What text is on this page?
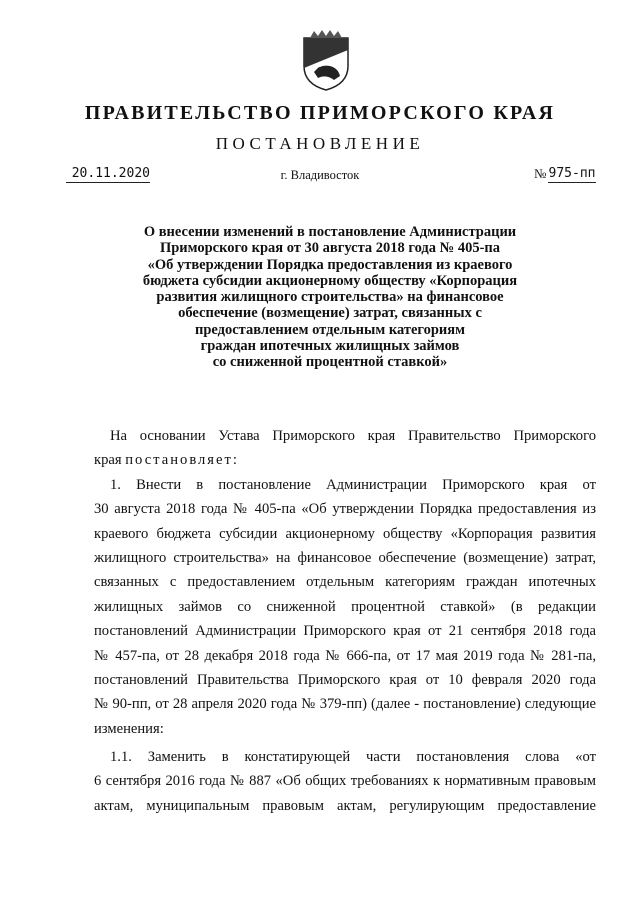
ПРАВИТЕЛЬСТВО ПРИМОРСКОГО КРАЯ
ПОСТАНОВЛЕНИЕ
20.11.2020	г. Владивосток	№ 975-пп
О внесении изменений в постановление Администрации
Приморского края от 30 августа 2018 года № 405-па
«Об утверждении Порядка предоставления из краевого
бюджета субсидии акционерному обществу «Корпорация
развития жилищного строительства» на финансовое
обеспечение (возмещение) затрат, связанных с
предоставлением отдельным категориям
граждан ипотечных жилищных займов
со сниженной процентной ставкой»
На основании Устава Приморского края Правительство Приморского
края постановляет:
1. Внести в постановление Администрации Приморского края от
30 августа 2018 года № 405-па «Об утверждении Порядка предоставления из
краевого бюджета субсидии акционерному обществу «Корпорация развития
жилищного строительства» на финансовое обеспечение (возмещение) затрат,
связанных с предоставлением отдельным категориям граждан ипотечных
жилищных займов со сниженной процентной ставкой» (в редакции
постановлений Администрации Приморского края от 21 сентября 2018 года
№ 457-па, от 28 декабря 2018 года № 666-па, от 17 мая 2019 года № 281-па,
постановлений Правительства Приморского края от 10 февраля 2020 года
№ 90-пп, от 28 апреля 2020 года № 379-пп) (далее - постановление) следующие
изменения:
1.1. Заменить в констатирующей части постановления слова «от
6 сентября 2016 года № 887 «Об общих требованиях к нормативным правовым
актам, муниципальным правовым актам, регулирующим предоставление
